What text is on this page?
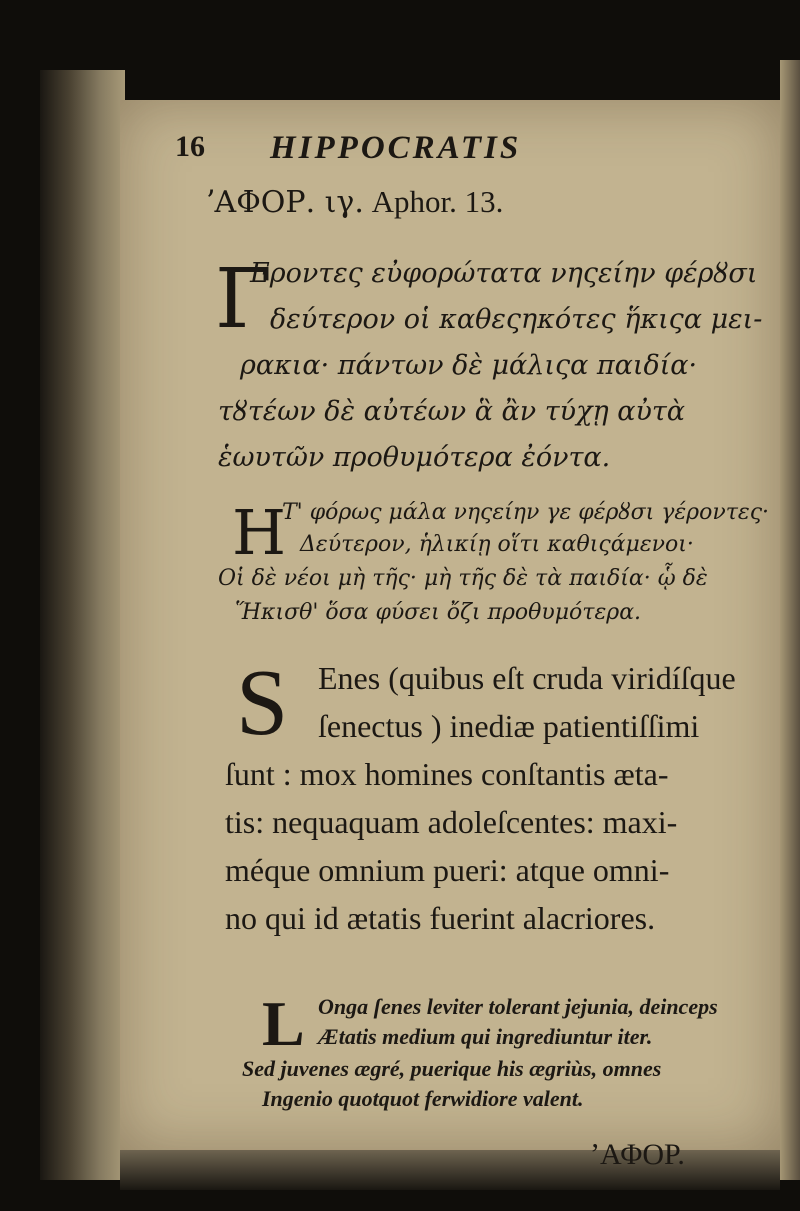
16 HIPPOCRATIS

ʼΑΦΟΡ. ιγ. Aphor. 13.

Γ

Εροντες εὐφορώτατα νηςείην φέρȣσι

δεύτερον οἱ καθεςηκότες ἥκιςα μει-

ρακια· πάντων δὲ μάλιςα παιδία·

τȣτέων δὲ αὐτέων ἃ ἂν τύχῃ αὐτὰ

ἑωυτῶν προθυμότερα ἐόντα.

Η

Τ' φόρως μάλα νηςείην γε φέρȣσι γέροντες·

Δεύτερον, ἡλικίῃ οἵτι καθιςάμενοι·

Οἱ δὲ νέοι μὴ τῆς· μὴ τῆς δὲ τὰ παιδία· ᾧ δὲ

Ἥκισθ' ὅσα φύσει ὄζι προθυμότερα.

S Enes (quibus eſt cruda viridíſque

ſenectus ) inediæ patientiſſimi

ſunt : mox homines conſtantis æta-

tis: nequaquam adoleſcentes: maxi-

méque omnium pueri: atque omni-

no qui id ætatis fuerint alacriores.

L Onga ſenes leviter tolerant jejunia, deinceps

Ætatis medium qui ingrediuntur iter.

Sed juvenes ægré, puerique his ægriùs, omnes

Ingenio quotquot ferwidiore valent.

ʼΑΦΟΡ.
